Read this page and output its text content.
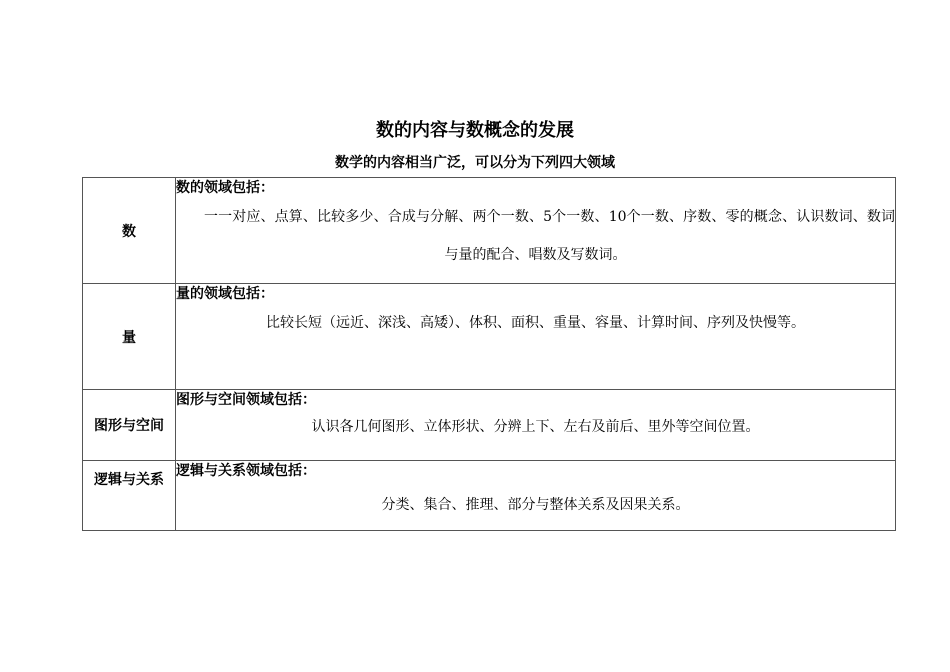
数的内容与数概念的发展
数学的内容相当广泛，可以分为下列四大领域
数	数的领域包括：
一一对应、点算、比较多少、合成与分解、两个一数、5个一数、10个一数、序数、零的概念、认识数词、数词与量的配合、唱数及写数词。

量	量的领域包括：
比较长短（远近、深浅、高矮）、体积、面积、重量、容量、计算时间、序列及快慢等。

图形与空间	图形与空间领域包括：
认识各几何图形、立体形状、分辨上下、左右及前后、里外等空间位置。

逻辑与关系	逻辑与关系领域包括：
分类、集合、推理、部分与整体关系及因果关系。
